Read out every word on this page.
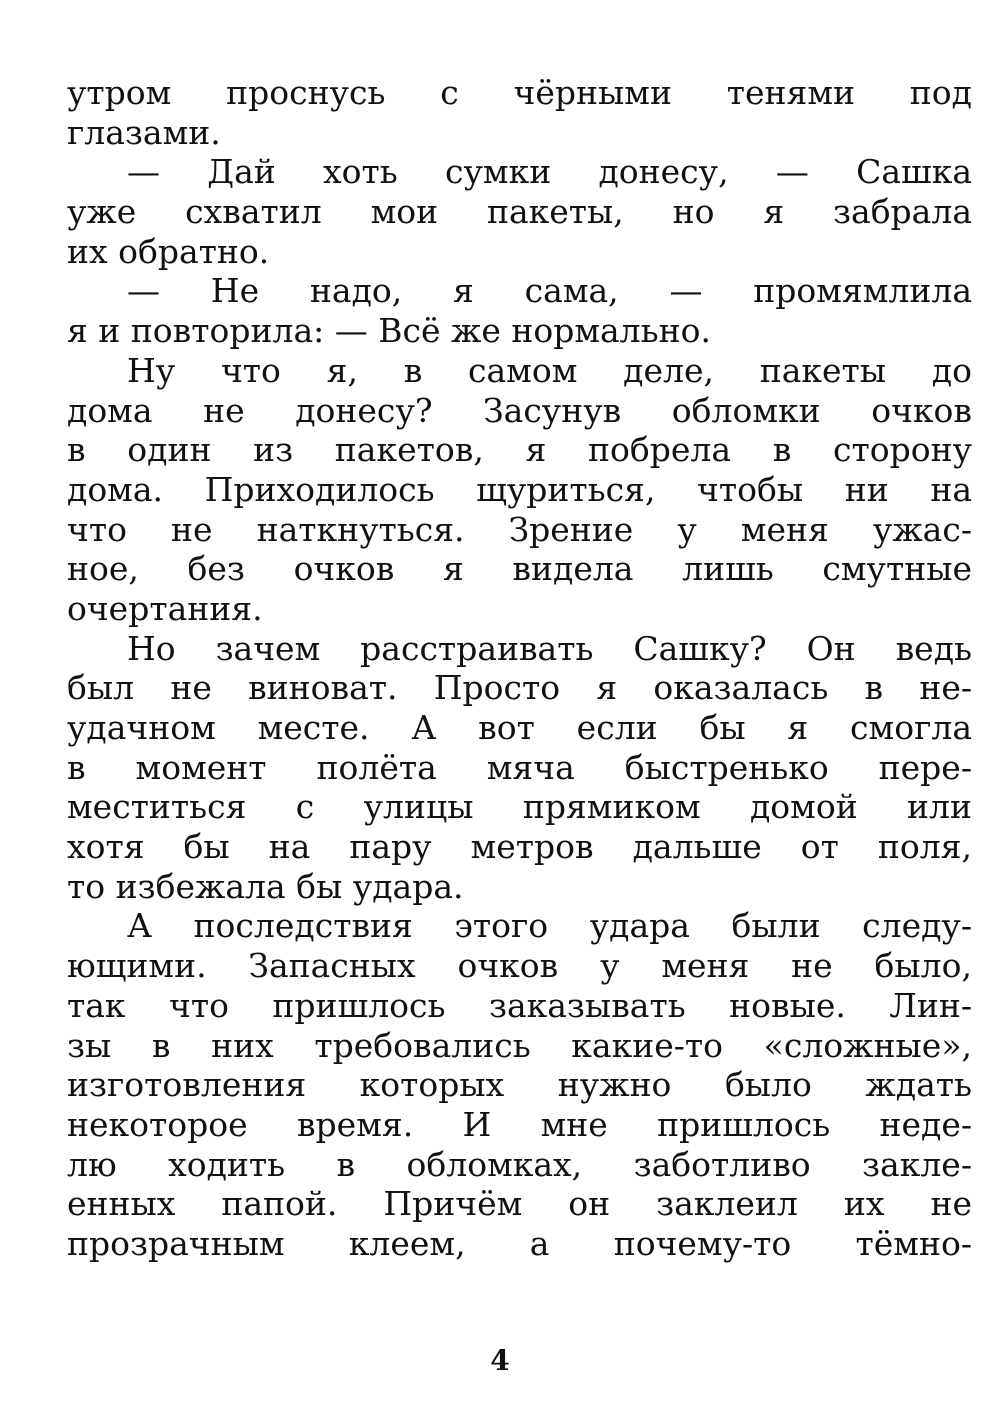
утром проснусь с чёрными тенями под
глазами.
— Дай хоть сумки донесу, — Сашка
уже схватил мои пакеты, но я забрала
их обратно.
— Не надо, я сама, — промямлила
я и повторила: — Всё же нормально.
Ну что я, в самом деле, пакеты до
дома не донесу? Засунув обломки очков
в один из пакетов, я побрела в сторону
дома. Приходилось щуриться, чтобы ни на
что не наткнуться. Зрение у меня ужас-
ное, без очков я видела лишь смутные
очертания.
Но зачем расстраивать Сашку? Он ведь
был не виноват. Просто я оказалась в не-
удачном месте. А вот если бы я смогла
в момент полёта мяча быстренько пере-
меститься с улицы прямиком домой или
хотя бы на пару метров дальше от поля,
то избежала бы удара.
А последствия этого удара были следу-
ющими. Запасных очков у меня не было,
так что пришлось заказывать новые. Лин-
зы в них требовались какие-то «сложные»,
изготовления которых нужно было ждать
некоторое время. И мне пришлось неде-
лю ходить в обломках, заботливо закле-
енных папой. Причём он заклеил их не
прозрачным клеем, а почему-то тёмно-
4
